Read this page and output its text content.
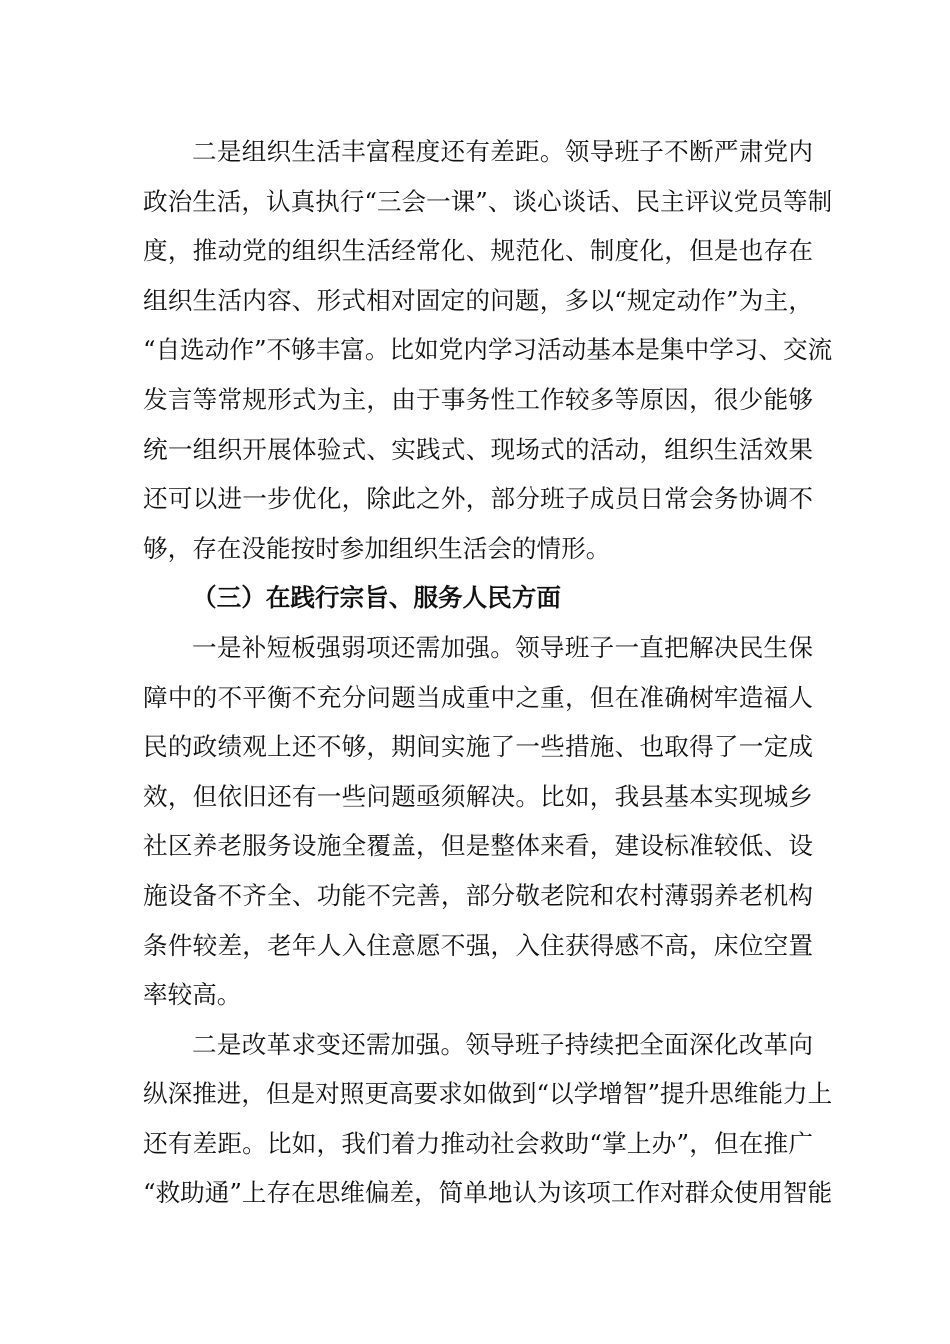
二是组织生活丰富程度还有差距。领导班子不断严肃党内
政治生活，认真执行“三会一课”、谈心谈话、民主评议党员等制
度，推动党的组织生活经常化、规范化、制度化，但是也存在
组织生活内容、形式相对固定的问题，多以“规定动作”为主，
“自选动作”不够丰富。比如党内学习活动基本是集中学习、交流
发言等常规形式为主，由于事务性工作较多等原因，很少能够
统一组织开展体验式、实践式、现场式的活动，组织生活效果
还可以进一步优化，除此之外，部分班子成员日常会务协调不
够，存在没能按时参加组织生活会的情形。
（三）在践行宗旨、服务人民方面
一是补短板强弱项还需加强。领导班子一直把解决民生保
障中的不平衡不充分问题当成重中之重，但在准确树牢造福人
民的政绩观上还不够，期间实施了一些措施、也取得了一定成
效，但依旧还有一些问题亟须解决。比如，我县基本实现城乡
社区养老服务设施全覆盖，但是整体来看，建设标准较低、设
施设备不齐全、功能不完善，部分敬老院和农村薄弱养老机构
条件较差，老年人入住意愿不强，入住获得感不高，床位空置
率较高。
二是改革求变还需加强。领导班子持续把全面深化改革向
纵深推进，但是对照更高要求如做到“以学增智”提升思维能力上
还有差距。比如，我们着力推动社会救助“掌上办”，但在推广
“救助通”上存在思维偏差，简单地认为该项工作对群众使用智能
